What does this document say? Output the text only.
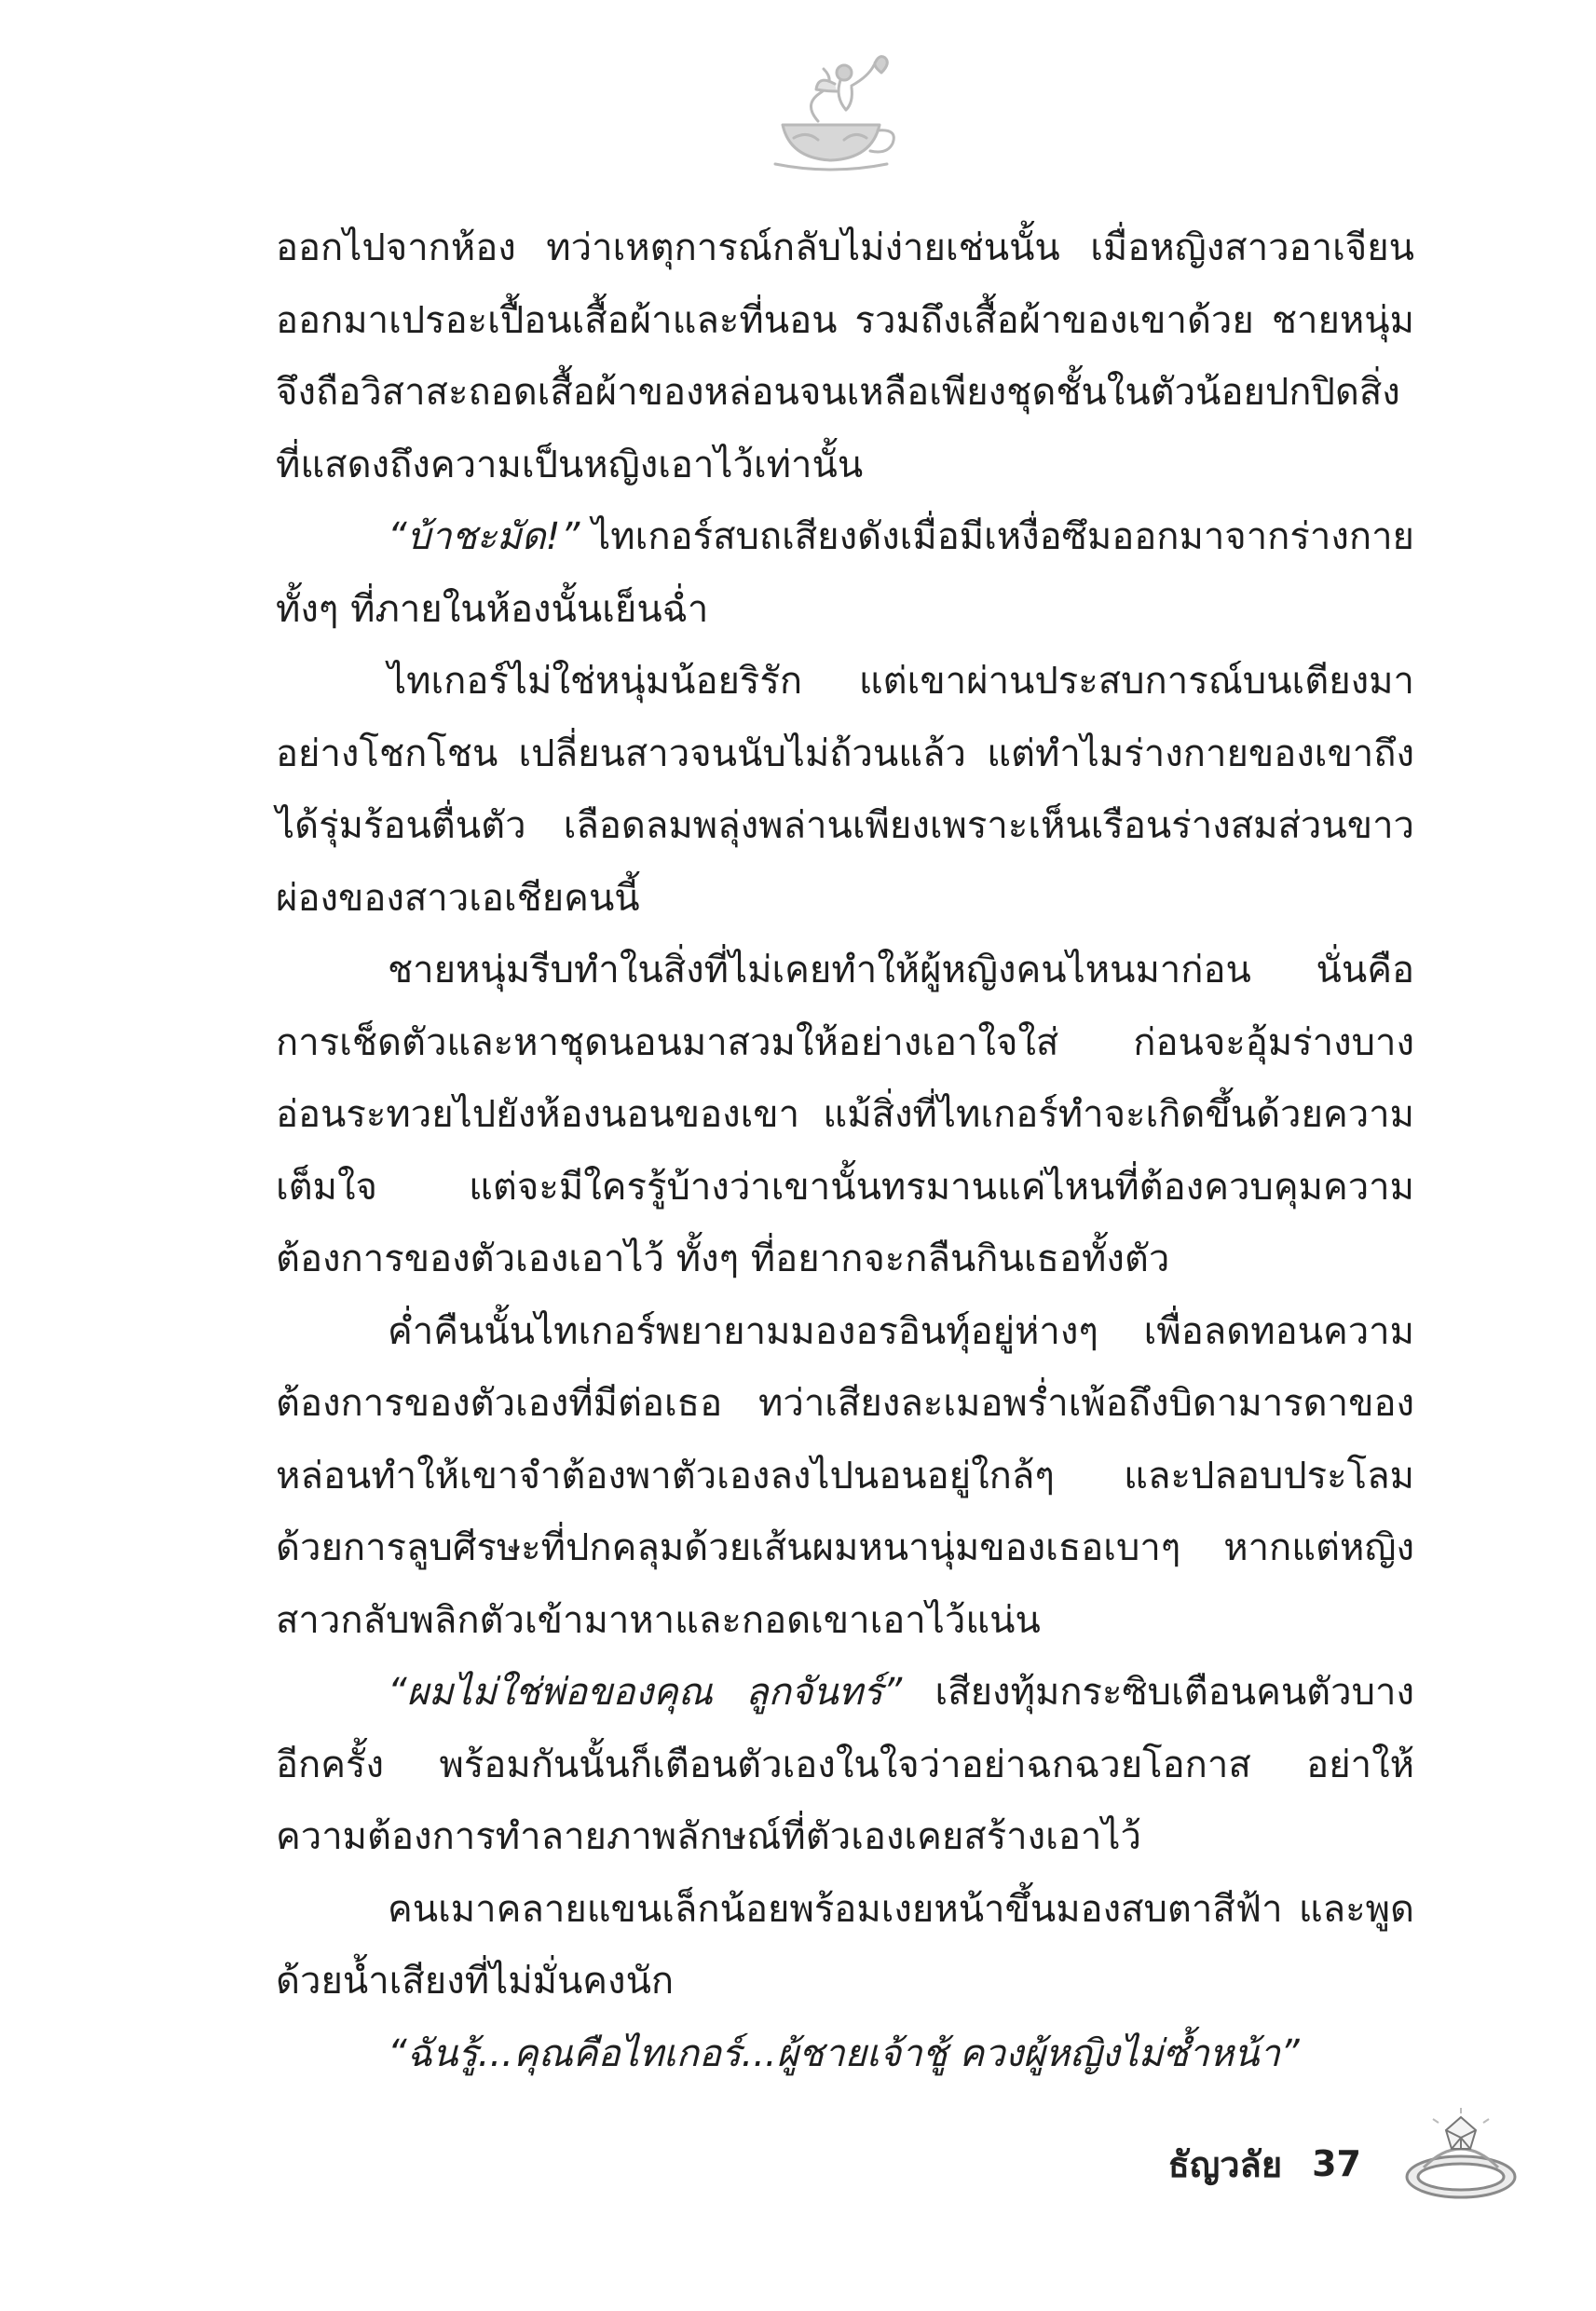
ออกไปจากห้อง ทว่าเหตุการณ์กลับไม่ง่ายเช่นนั้น เมื่อหญิงสาวอาเจียนออกมาเปรอะเปื้อนเสื้อผ้าและที่นอน รวมถึงเสื้อผ้าของเขาด้วย ชายหนุ่มจึงถือวิสาสะถอดเสื้อผ้าของหล่อนจนเหลือเพียงชุดชั้นในตัวน้อยปกปิดสิ่งที่แสดงถึงความเป็นหญิงเอาไว้เท่านั้น

“บ้าชะมัด!” ไทเกอร์สบถเสียงดังเมื่อมีเหงื่อซึมออกมาจากร่างกายทั้งๆ ที่ภายในห้องนั้นเย็นฉ่ำ

ไทเกอร์ไม่ใช่หนุ่มน้อยริรัก แต่เขาผ่านประสบการณ์บนเตียงมาอย่างโชกโชน เปลี่ยนสาวจนนับไม่ถ้วนแล้ว แต่ทำไมร่างกายของเขาถึงได้รุ่มร้อนตื่นตัว เลือดลมพลุ่งพล่านเพียงเพราะเห็นเรือนร่างสมส่วนขาวผ่องของสาวเอเชียคนนี้

ชายหนุ่มรีบทำในสิ่งที่ไม่เคยทำให้ผู้หญิงคนไหนมาก่อน นั่นคือการเช็ดตัวและหาชุดนอนมาสวมให้อย่างเอาใจใส่ ก่อนจะอุ้มร่างบางอ่อนระทวยไปยังห้องนอนของเขา แม้สิ่งที่ไทเกอร์ทำจะเกิดขึ้นด้วยความเต็มใจ แต่จะมีใครรู้บ้างว่าเขานั้นทรมานแค่ไหนที่ต้องควบคุมความต้องการของตัวเองเอาไว้ ทั้งๆ ที่อยากจะกลืนกินเธอทั้งตัว

ค่ำคืนนั้นไทเกอร์พยายามมองอรอินทุ์อยู่ห่างๆ เพื่อลดทอนความต้องการของตัวเองที่มีต่อเธอ ทว่าเสียงละเมอพร่ำเพ้อถึงบิดามารดาของหล่อนทำให้เขาจำต้องพาตัวเองลงไปนอนอยู่ใกล้ๆ และปลอบประโลมด้วยการลูบศีรษะที่ปกคลุมด้วยเส้นผมหนานุ่มของเธอเบาๆ หากแต่หญิงสาวกลับพลิกตัวเข้ามาหาและกอดเขาเอาไว้แน่น

“ผมไม่ใช่พ่อของคุณ ลูกจันทร์” เสียงทุ้มกระซิบเตือนคนตัวบางอีกครั้ง พร้อมกันนั้นก็เตือนตัวเองในใจว่าอย่าฉกฉวยโอกาส อย่าให้ความต้องการทำลายภาพลักษณ์ที่ตัวเองเคยสร้างเอาไว้

คนเมาคลายแขนเล็กน้อยพร้อมเงยหน้าขึ้นมองสบตาสีฟ้า และพูดด้วยน้ำเสียงที่ไม่มั่นคงนัก

“ฉันรู้...คุณคือไทเกอร์...ผู้ชายเจ้าชู้ ควงผู้หญิงไม่ซ้ำหน้า”

ธัญวลัย 37
